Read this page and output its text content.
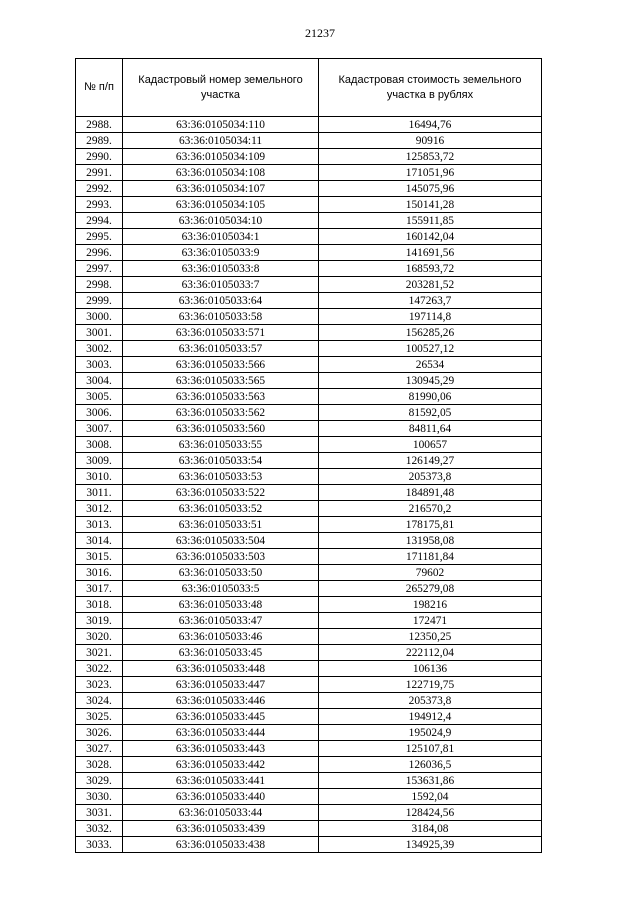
21237
№ п/п	Кадастровый номер земельного участка	Кадастровая стоимость земельного участка в рублях
2988.	63:36:0105034:110	16494,76
2989.	63:36:0105034:11	90916
2990.	63:36:0105034:109	125853,72
2991.	63:36:0105034:108	171051,96
2992.	63:36:0105034:107	145075,96
2993.	63:36:0105034:105	150141,28
2994.	63:36:0105034:10	155911,85
2995.	63:36:0105034:1	160142,04
2996.	63:36:0105033:9	141691,56
2997.	63:36:0105033:8	168593,72
2998.	63:36:0105033:7	203281,52
2999.	63:36:0105033:64	147263,7
3000.	63:36:0105033:58	197114,8
3001.	63:36:0105033:571	156285,26
3002.	63:36:0105033:57	100527,12
3003.	63:36:0105033:566	26534
3004.	63:36:0105033:565	130945,29
3005.	63:36:0105033:563	81990,06
3006.	63:36:0105033:562	81592,05
3007.	63:36:0105033:560	84811,64
3008.	63:36:0105033:55	100657
3009.	63:36:0105033:54	126149,27
3010.	63:36:0105033:53	205373,8
3011.	63:36:0105033:522	184891,48
3012.	63:36:0105033:52	216570,2
3013.	63:36:0105033:51	178175,81
3014.	63:36:0105033:504	131958,08
3015.	63:36:0105033:503	171181,84
3016.	63:36:0105033:50	79602
3017.	63:36:0105033:5	265279,08
3018.	63:36:0105033:48	198216
3019.	63:36:0105033:47	172471
3020.	63:36:0105033:46	12350,25
3021.	63:36:0105033:45	222112,04
3022.	63:36:0105033:448	106136
3023.	63:36:0105033:447	122719,75
3024.	63:36:0105033:446	205373,8
3025.	63:36:0105033:445	194912,4
3026.	63:36:0105033:444	195024,9
3027.	63:36:0105033:443	125107,81
3028.	63:36:0105033:442	126036,5
3029.	63:36:0105033:441	153631,86
3030.	63:36:0105033:440	1592,04
3031.	63:36:0105033:44	128424,56
3032.	63:36:0105033:439	3184,08
3033.	63:36:0105033:438	134925,39
